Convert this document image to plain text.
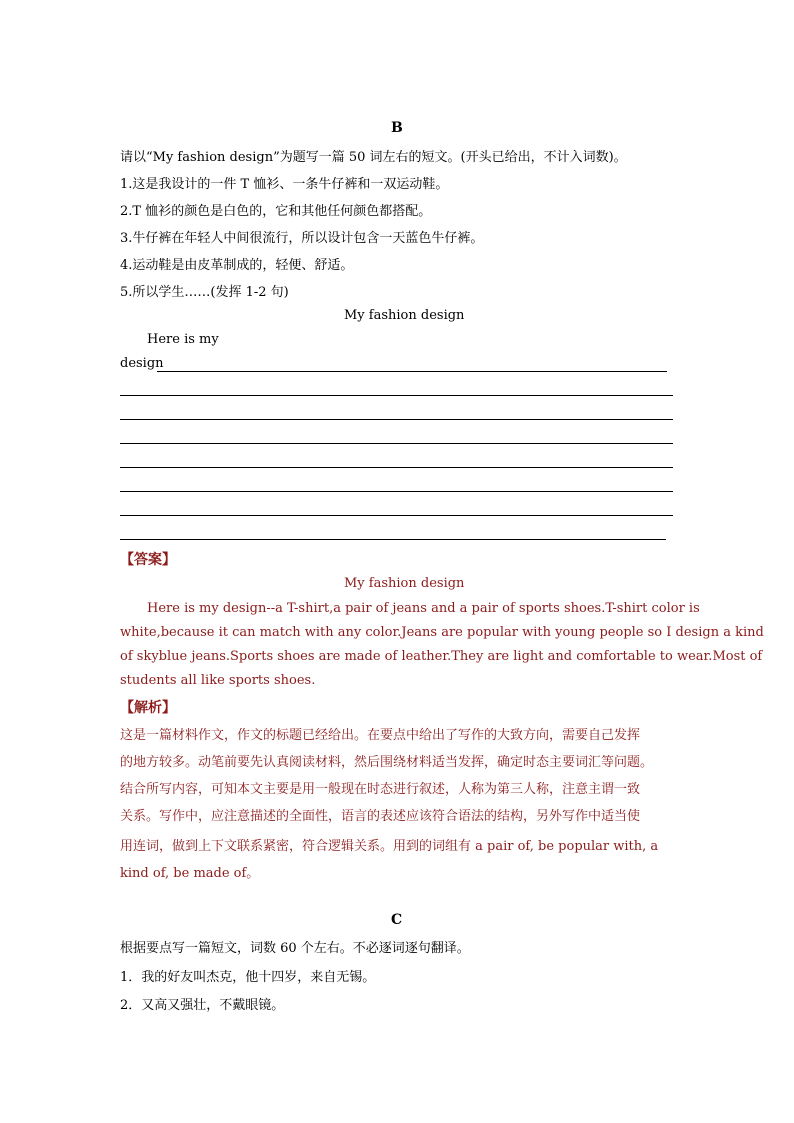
B
请以“My fashion design”为题写一篇 50 词左右的短文。(开头已给出，不计入词数)。
1.这是我设计的一件 T 恤衫、一条牛仔裤和一双运动鞋。
2.T 恤衫的颜色是白色的，它和其他任何颜色都搭配。
3.牛仔裤在年轻人中间很流行，所以设计包含一天蓝色牛仔裤。
4.运动鞋是由皮革制成的，轻便、舒适。
5.所以学生……(发挥 1-2 句)
My fashion design
Here is my
design
【答案】
My fashion design
Here is my design--a T-shirt,a pair of jeans and a pair of sports shoes.T-shirt color is
white,because it can match with any color.Jeans are popular with young people so I design a kind
of skyblue jeans.Sports shoes are made of leather.They are light and comfortable to wear.Most of
students all like sports shoes.
【解析】
这是一篇材料作文，作文的标题已经给出。在要点中给出了写作的大致方向，需要自己发挥
的地方较多。动笔前要先认真阅读材料，然后围绕材料适当发挥，确定时态主要词汇等问题。
结合所写内容，可知本文主要是用一般现在时态进行叙述，人称为第三人称，注意主谓一致
关系。写作中，应注意描述的全面性，语言的表述应该符合语法的结构，另外写作中适当使
用连词，做到上下文联系紧密，符合逻辑关系。用到的词组有 a pair of, be popular with, a
kind of, be made of。
C
根据要点写一篇短文，词数 60 个左右。不必逐词逐句翻译。
1．我的好友叫杰克，他十四岁，来自无锡。
2．又高又强壮，不戴眼镜。
